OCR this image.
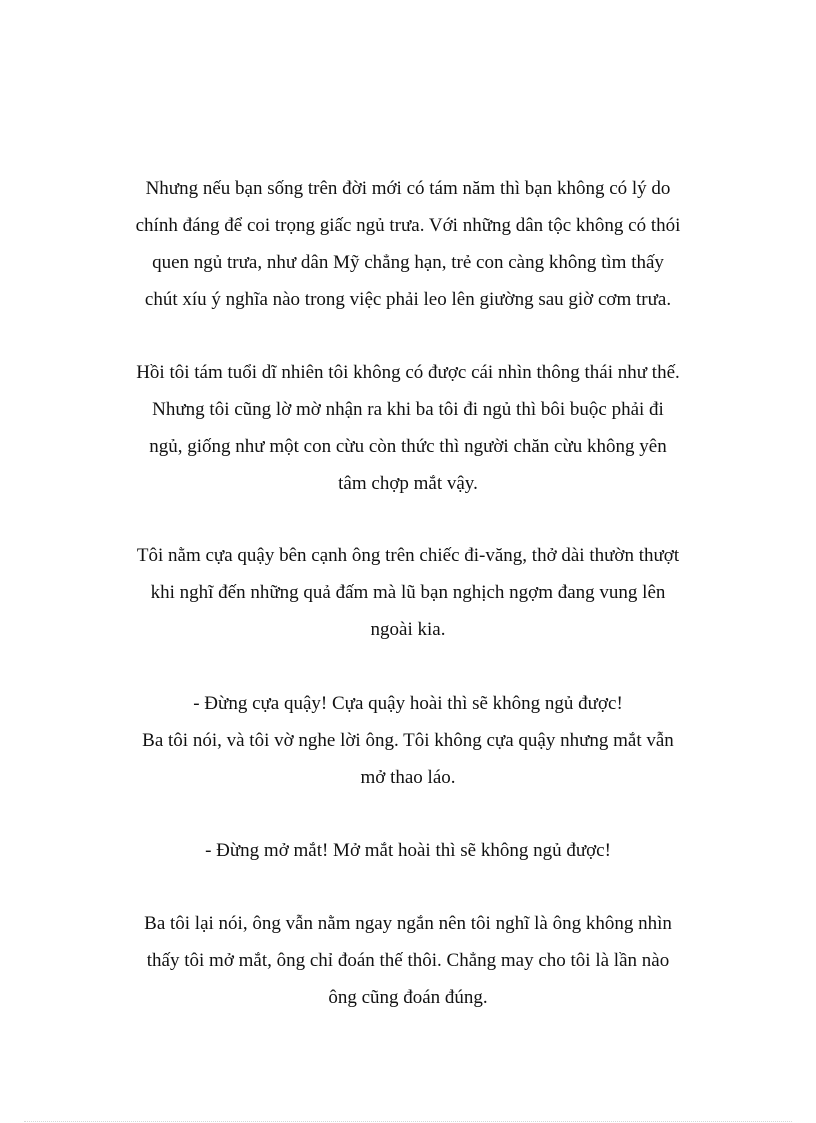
Nhưng nếu bạn sống trên đời mới có tám năm thì bạn không có lý do
chính đáng để coi trọng giấc ngủ trưa. Với những dân tộc không có thói
quen ngủ trưa, như dân Mỹ chẳng hạn, trẻ con càng không tìm thấy
chút xíu ý nghĩa nào trong việc phải leo lên giường sau giờ cơm trưa.
Hồi tôi tám tuổi dĩ nhiên tôi không có được cái nhìn thông thái như thế.
Nhưng tôi cũng lờ mờ nhận ra khi ba tôi đi ngủ thì bôi buộc phải đi
ngủ, giống như một con cừu còn thức thì người chăn cừu không yên
tâm chợp mắt vậy.
Tôi nằm cựa quậy bên cạnh ông trên chiếc đi-văng, thở dài thườn thượt
khi nghĩ đến những quả đấm mà lũ bạn nghịch ngợm đang vung lên
ngoài kia.
- Đừng cựa quậy! Cựa quậy hoài thì sẽ không ngủ được!
Ba tôi nói, và tôi vờ nghe lời ông. Tôi không cựa quậy nhưng mắt vẫn
mở thao láo.
- Đừng mở mắt! Mở mắt hoài thì sẽ không ngủ được!
Ba tôi lại nói, ông vẫn nằm ngay ngắn nên tôi nghĩ là ông không nhìn
thấy tôi mở mắt, ông chỉ đoán thế thôi. Chẳng may cho tôi là lần nào
ông cũng đoán đúng.
